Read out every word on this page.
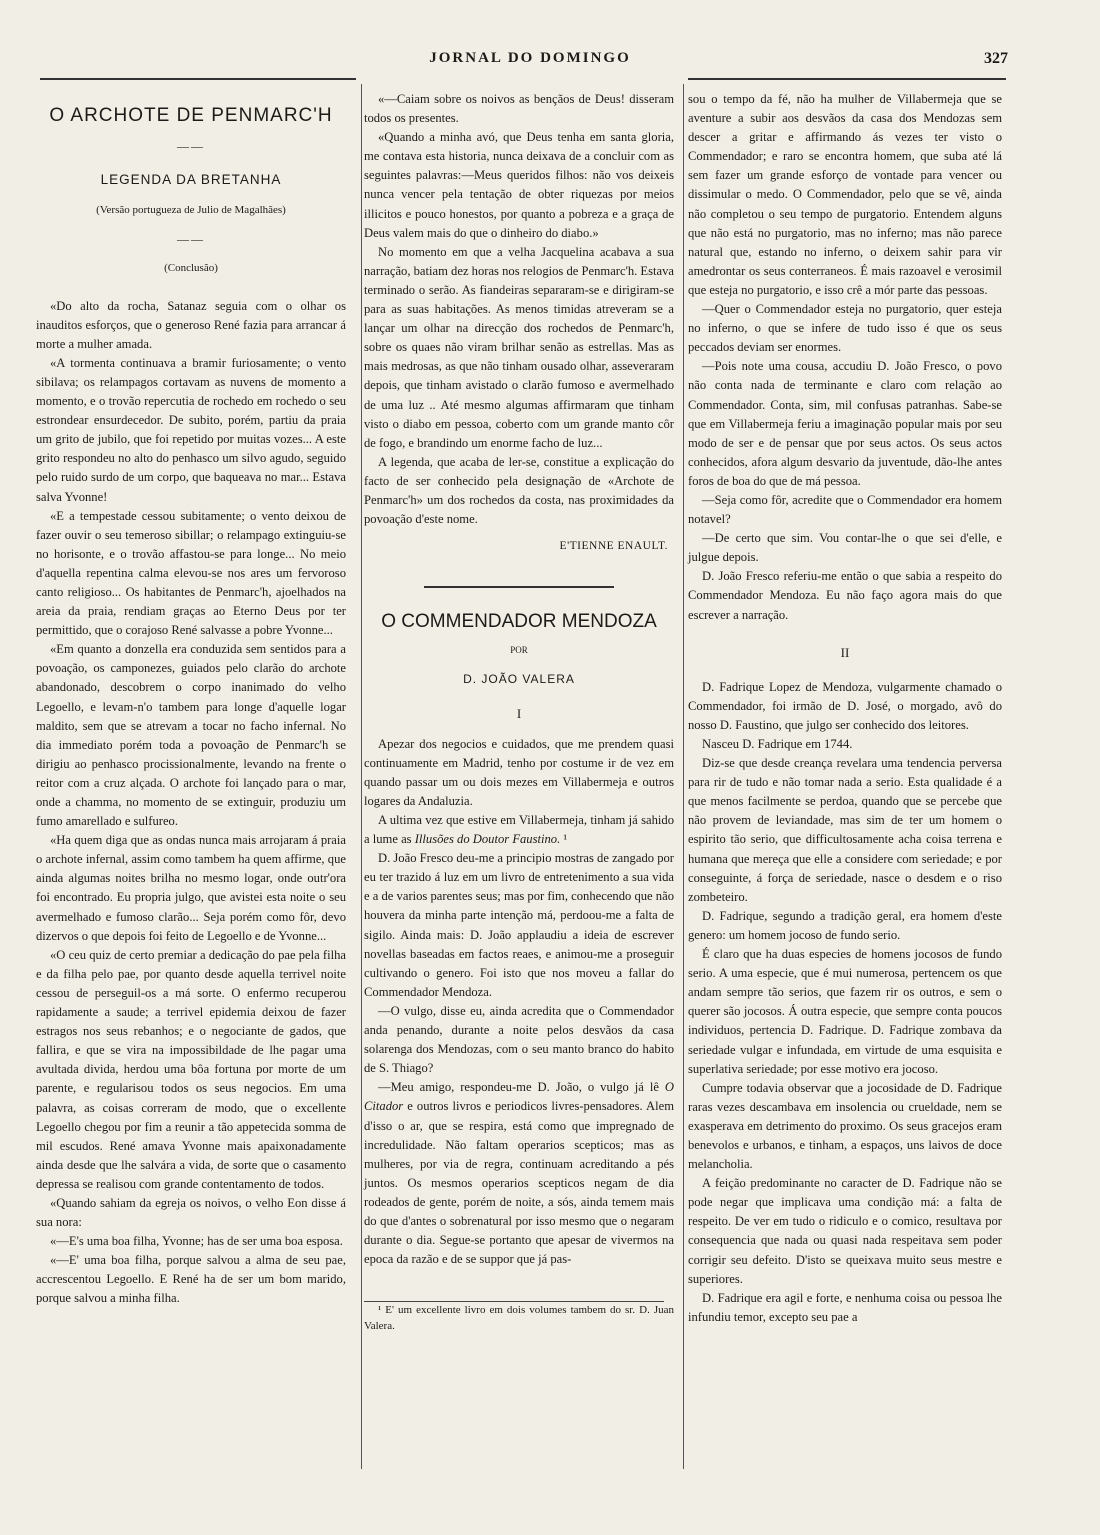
JORNAL DO DOMINGO	327
O ARCHOTE DE PENMARC'H
——
LEGENDA DA BRETANHA
(Versão portugueza de Julio de Magalhães)
——
(Conclusão)

«Do alto da rocha, Satanaz seguia com o olhar os inauditos esforços, que o generoso René fazia para arrancar á morte a mulher amada.

«A tormenta continuava a bramir furiosamente; o vento sibilava; os relampagos cortavam as nuvens de momento a momento, e o trovão repercutia de rochedo em rochedo o seu estrondear ensurdecedor. De subito, porém, partiu da praia um grito de jubilo, que foi repetido por muitas vozes... A este grito respondeu no alto do penhasco um silvo agudo, seguido pelo ruido surdo de um corpo, que baqueava no mar... Estava salva Yvonne!

«E a tempestade cessou subitamente; o vento deixou de fazer ouvir o seu temeroso sibillar; o relampago extinguiu-se no horisonte, e o trovão affastou-se para longe... No meio d'aquella repentina calma elevou-se nos ares um fervoroso canto religioso... Os habitantes de Penmarc'h, ajoelhados na areia da praia, rendiam graças ao Eterno Deus por ter permittido, que o corajoso René salvasse a pobre Yvonne...

«Em quanto a donzella era conduzida sem sentidos para a povoação, os camponezes, guiados pelo clarão do archote abandonado, descobrem o corpo inanimado do velho Legoello, e levam-n'o tambem para longe d'aquelle logar maldito, sem que se atrevam a tocar no facho infernal. No dia immediato porém toda a povoação de Penmarc'h se dirigiu ao penhasco procissionalmente, levando na frente o reitor com a cruz alçada. O archote foi lançado para o mar, onde a chamma, no momento de se extinguir, produziu um fumo amarellado e sulfureo.

«Ha quem diga que as ondas nunca mais arrojaram á praia o archote infernal, assim como tambem ha quem affirme, que ainda algumas noites brilha no mesmo logar, onde outr'ora foi encontrado. Eu propria julgo, que avistei esta noite o seu avermelhado e fumoso clarão... Seja porém como fôr, devo dizervos o que depois foi feito de Legoello e de Yvonne...

«O ceu quiz de certo premiar a dedicação do pae pela filha e da filha pelo pae, por quanto desde aquella terrivel noite cessou de perseguil-os a má sorte. O enfermo recuperou rapidamente a saude; a terrivel epidemia deixou de fazer estragos nos seus rebanhos; e o negociante de gados, que fallira, e que se vira na impossibildade de lhe pagar uma avultada divida, herdou uma bôa fortuna por morte de um parente, e regularisou todos os seus negocios. Em uma palavra, as coisas correram de modo, que o excellente Legoello chegou por fim a reunir a tão appetecida somma de mil escudos. René amava Yvonne mais apaixonadamente ainda desde que lhe salvára a vida, de sorte que o casamento depressa se realisou com grande contentamento de todos.

«Quando sahiam da egreja os noivos, o velho Eon disse á sua nora:

«—E's uma boa filha, Yvonne; has de ser uma boa esposa.

«—E' uma boa filha, porque salvou a alma de seu pae, accrescentou Legoello. E René ha de ser um bom marido, porque salvou a minha filha.

«—Caiam sobre os noivos as bençãos de Deus! disseram todos os presentes.

«Quando a minha avó, que Deus tenha em santa gloria, me contava esta historia, nunca deixava de a concluir com as seguintes palavras:—Meus queridos filhos: não vos deixeis nunca vencer pela tentação de obter riquezas por meios illicitos e pouco honestos, por quanto a pobreza e a graça de Deus valem mais do que o dinheiro do diabo.»

No momento em que a velha Jacquelina acabava a sua narração, batiam dez horas nos relogios de Penmarc'h. Estava terminado o serão. As fiandeiras separaram-se e dirigiram-se para as suas habitações. As menos timidas atreveram se a lançar um olhar na direcção dos rochedos de Penmarc'h, sobre os quaes não viram brilhar senão as estrellas. Mas as mais medrosas, as que não tinham ousado olhar, asseveraram depois, que tinham avistado o clarão fumoso e avermelhado de uma luz .. Até mesmo algumas affirmaram que tinham visto o diabo em pessoa, coberto com um grande manto côr de fogo, e brandindo um enorme facho de luz...

A legenda, que acaba de ler-se, constitue a explicação do facto de ser conhecido pela designação de «Archote de Penmarc'h» um dos rochedos da costa, nas proximidades da povoação d'este nome.

E'TIENNE ENAULT.
O COMMENDADOR MENDOZA
POR
D. JOÃO VALERA
I

Apezar dos negocios e cuidados, que me prendem quasi continuamente em Madrid, tenho por costume ir de vez em quando passar um ou dois mezes em Villabermeja e outros logares da Andaluzia.

A ultima vez que estive em Villabermeja, tinham já sahido a lume as Illusões do Doutor Faustino. ¹

D. João Fresco deu-me a principio mostras de zangado por eu ter trazido á luz em um livro de entretenimento a sua vida e a de varios parentes seus; mas por fim, conhecendo que não houvera da minha parte intenção má, perdoou-me a falta de sigilo. Ainda mais: D. João applaudiu a ideia de escrever novellas baseadas em factos reaes, e animou-me a proseguir cultivando o genero. Foi isto que nos moveu a fallar do Commendador Mendoza.

—O vulgo, disse eu, ainda acredita que o Commendador anda penando, durante a noite pelos desvãos da casa solarenga dos Mendozas, com o seu manto branco do habito de S. Thiago?

—Meu amigo, respondeu-me D. João, o vulgo já lê O Citador e outros livros e periodicos livres-pensadores. Alem d'isso o ar, que se respira, está como que impregnado de incredulidade. Não faltam operarios scepticos; mas as mulheres, por via de regra, continuam acreditando a pés juntos. Os mesmos operarios scepticos negam de dia rodeados de gente, porém de noite, a sós, ainda temem mais do que d'antes o sobrenatural por isso mesmo que o negaram durante o dia. Segue-se portanto que apesar de vivermos na epoca da razão e de se suppor que já pas-

¹ E' um excellente livro em dois volumes tambem do sr. D. Juan Valera.

sou o tempo da fé, não ha mulher de Villabermeja que se aventure a subir aos desvãos da casa dos Mendozas sem descer a gritar e affirmando ás vezes ter visto o Commendador; e raro se encontra homem, que suba até lá sem fazer um grande esforço de vontade para vencer ou dissimular o medo. O Commendador, pelo que se vê, ainda não completou o seu tempo de purgatorio. Entendem alguns que não está no purgatorio, mas no inferno; mas não parece natural que, estando no inferno, o deixem sahir para vir amedrontar os seus conterraneos. É mais razoavel e verosimil que esteja no purgatorio, e isso crê a mór parte das pessoas.

—Quer o Commendador esteja no purgatorio, quer esteja no inferno, o que se infere de tudo isso é que os seus peccados deviam ser enormes.

—Pois note uma cousa, accudiu D. João Fresco, o povo não conta nada de terminante e claro com relação ao Commendador. Conta, sim, mil confusas patranhas. Sabe-se que em Villabermeja feriu a imaginação popular mais por seu modo de ser e de pensar que por seus actos. Os seus actos conhecidos, afora algum desvario da juventude, dão-lhe antes foros de boa do que de má pessoa.

—Seja como fôr, acredite que o Commendador era homem notavel?

—De certo que sim. Vou contar-lhe o que sei d'elle, e julgue depois.

D. João Fresco referiu-me então o que sabia a respeito do Commendador Mendoza. Eu não faço agora mais do que escrever a narração.

II

D. Fadrique Lopez de Mendoza, vulgarmente chamado o Commendador, foi irmão de D. José, o morgado, avô do nosso D. Faustino, que julgo ser conhecido dos leitores.

Nasceu D. Fadrique em 1744.

Diz-se que desde creança revelara uma tendencia perversa para rir de tudo e não tomar nada a serio. Esta qualidade é a que menos facilmente se perdoa, quando que se percebe que não provem de leviandade, mas sim de ter um homem o espirito tão serio, que difficultosamente acha coisa terrena e humana que mereça que elle a considere com seriedade; e por conseguinte, á força de seriedade, nasce o desdem e o riso zombeteiro.

D. Fadrique, segundo a tradição geral, era homem d'este genero: um homem jocoso de fundo serio.

É claro que ha duas especies de homens jocosos de fundo serio. A uma especie, que é mui numerosa, pertencem os que andam sempre tão serios, que fazem rir os outros, e sem o querer são jocosos. Á outra especie, que sempre conta poucos individuos, pertencia D. Fadrique. D. Fadrique zombava da seriedade vulgar e infundada, em virtude de uma esquisita e superlativa seriedade; por esse motivo era jocoso.

Cumpre todavia observar que a jocosidade de D. Fadrique raras vezes descambava em insolencia ou crueldade, nem se exasperava em detrimento do proximo. Os seus gracejos eram benevolos e urbanos, e tinham, a espaços, uns laivos de doce melancholia.

A feição predominante no caracter de D. Fadrique não se pode negar que implicava uma condição má: a falta de respeito. De ver em tudo o ridiculo e o comico, resultava por consequencia que nada ou quasi nada respeitava sem poder corrigir seu defeito. D'isto se queixava muito seus mestre e superiores.

D. Fadrique era agil e forte, e nenhuma coisa ou pessoa lhe infundiu temor, excepto seu pae a
